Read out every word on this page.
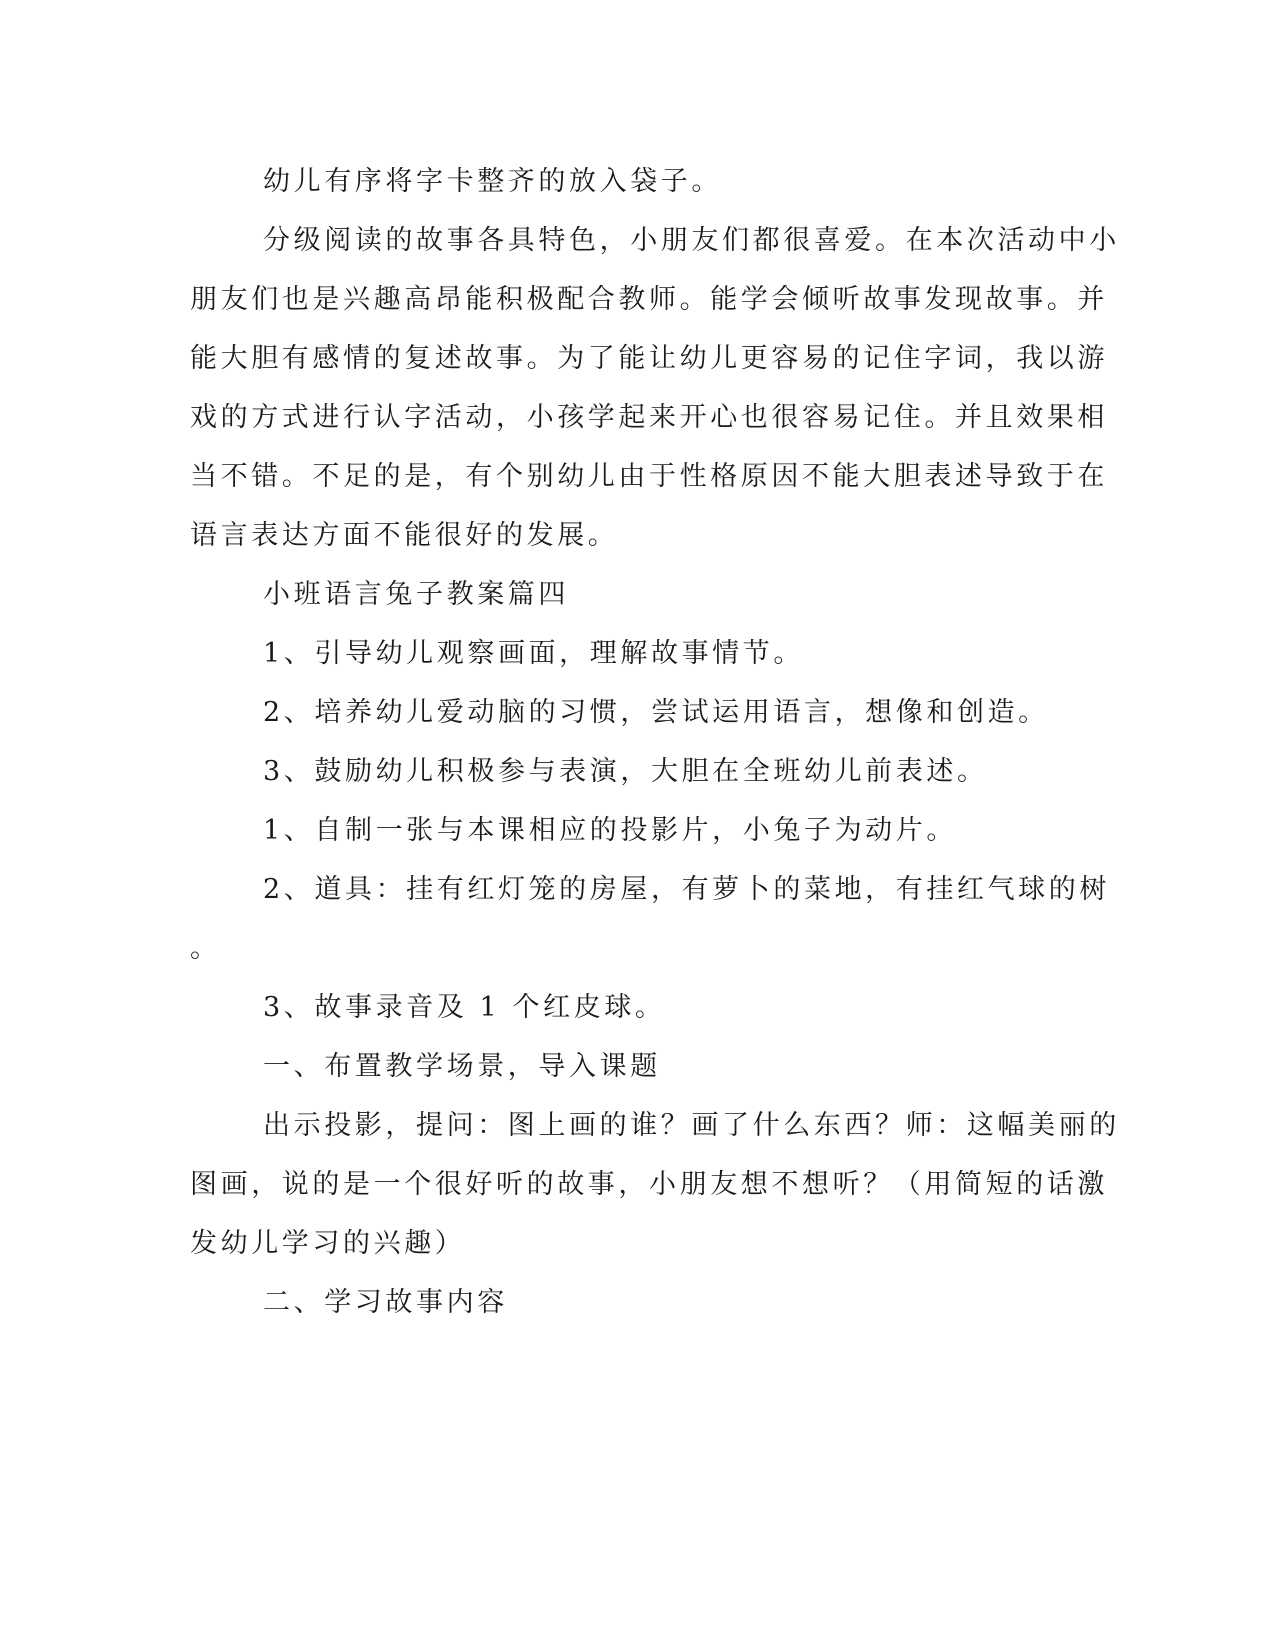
幼儿有序将字卡整齐的放入袋子。
分级阅读的故事各具特色，小朋友们都很喜爱。在本次活动中小
朋友们也是兴趣高昂能积极配合教师。能学会倾听故事发现故事。并
能大胆有感情的复述故事。为了能让幼儿更容易的记住字词，我以游
戏的方式进行认字活动，小孩学起来开心也很容易记住。并且效果相
当不错。不足的是，有个别幼儿由于性格原因不能大胆表述导致于在
语言表达方面不能很好的发展。
小班语言兔子教案篇四
1、引导幼儿观察画面，理解故事情节。
2、培养幼儿爱动脑的习惯，尝试运用语言，想像和创造。
3、鼓励幼儿积极参与表演，大胆在全班幼儿前表述。
1、自制一张与本课相应的投影片，小兔子为动片。
2、道具：挂有红灯笼的房屋，有萝卜的菜地，有挂红气球的树
。
3、故事录音及 1 个红皮球。
一、布置教学场景，导入课题
出示投影，提问：图上画的谁？画了什么东西？师：这幅美丽的
图画，说的是一个很好听的故事，小朋友想不想听？（用简短的话激
发幼儿学习的兴趣）
二、学习故事内容
